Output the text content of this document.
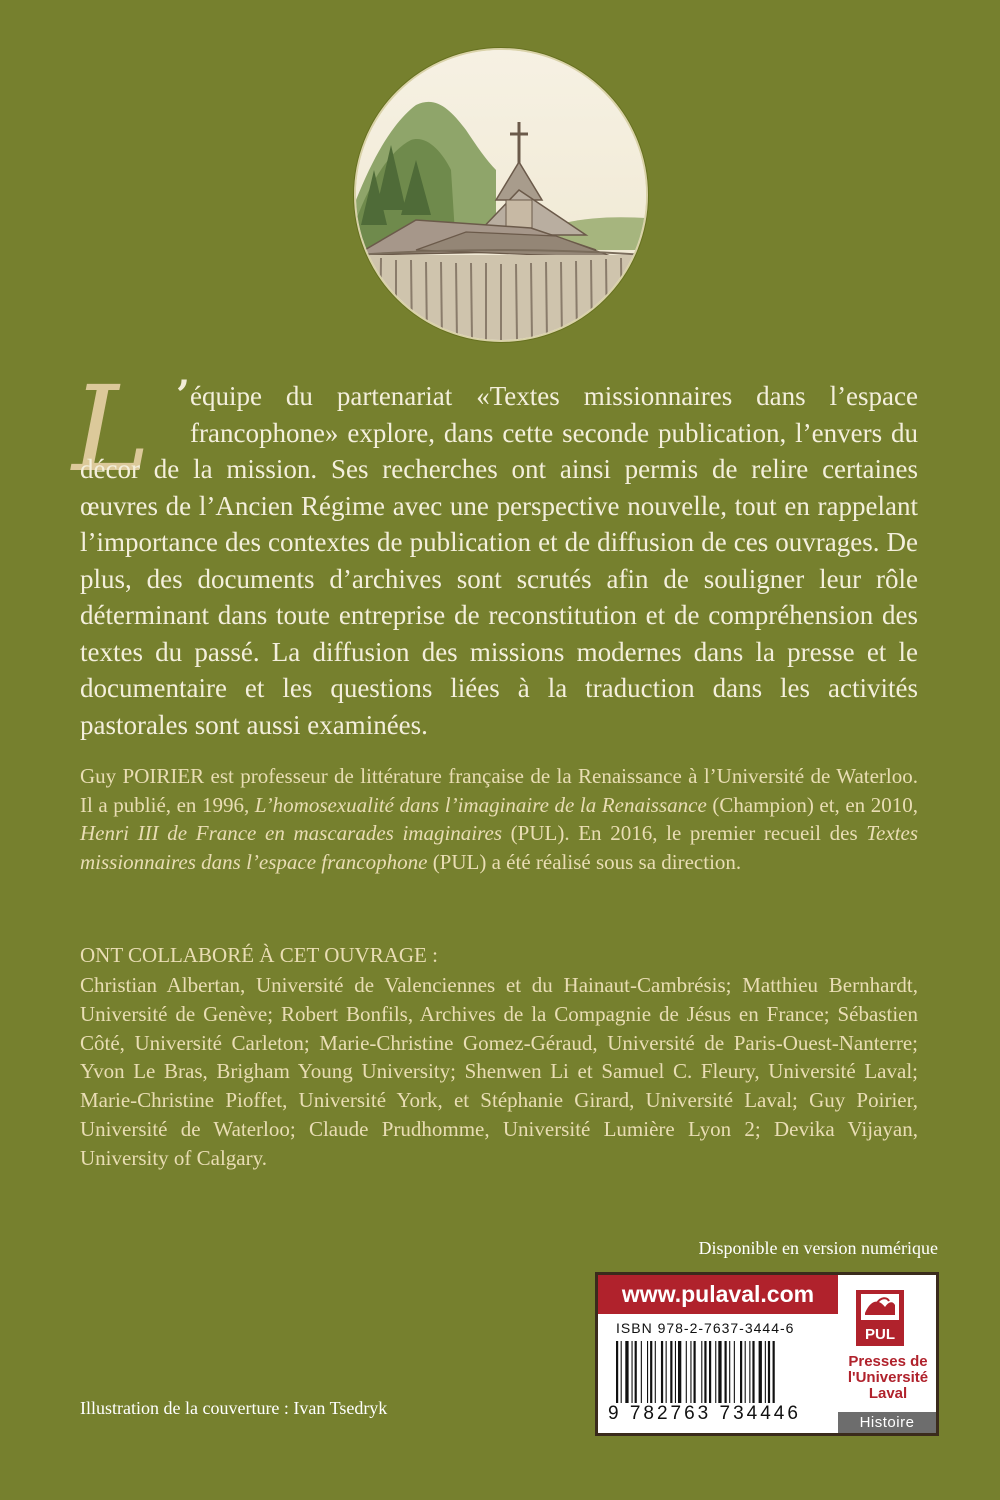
L ’ équipe du partenariat «Textes missionnaires dans l’espace francophone» explore, dans cette seconde publication, l’envers du décor de la mission. Ses recherches ont ainsi permis de relire certaines œuvres de l’Ancien Régime avec une perspective nouvelle, tout en rappelant l’importance des contextes de publication et de diffusion de ces ouvrages. De plus, des documents d’archives sont scrutés afin de souligner leur rôle déterminant dans toute entreprise de reconstitution et de compréhension des textes du passé. La diffusion des missions modernes dans la presse et le documentaire et les questions liées à la traduction dans les activités pastorales sont aussi examinées.

Guy POIRIER est professeur de littérature française de la Renaissance à l’Université de Waterloo. Il a publié, en 1996, L’homosexualité dans l’imaginaire de la Renaissance (Champion) et, en 2010, Henri III de France en mascarades imaginaires (PUL). En 2016, le premier recueil des Textes missionnaires dans l’espace francophone (PUL) a été réalisé sous sa direction.

ONT COLLABORÉ À CET OUVRAGE :

Christian Albertan, Université de Valenciennes et du Hainaut-Cambrésis; Matthieu Bernhardt, Université de Genève; Robert Bonfils, Archives de la Compagnie de Jésus en France; Sébastien Côté, Université Carleton; Marie-Christine Gomez-Géraud, Université de Paris-Ouest-Nanterre; Yvon Le Bras, Brigham Young University; Shenwen Li et Samuel C. Fleury, Université Laval; Marie-Christine Pioffet, Université York, et Stéphanie Girard, Université Laval; Guy Poirier, Université de Waterloo; Claude Prudhomme, Université Lumière Lyon 2; Devika Vijayan, University of Calgary.

Disponible en version numérique

www.pulaval.com
ISBN 978-2-7637-3444-6
9 782763 734446
PUL
Presses de
l'Université
Laval
Histoire

Illustration de la couverture : Ivan Tsedryk
